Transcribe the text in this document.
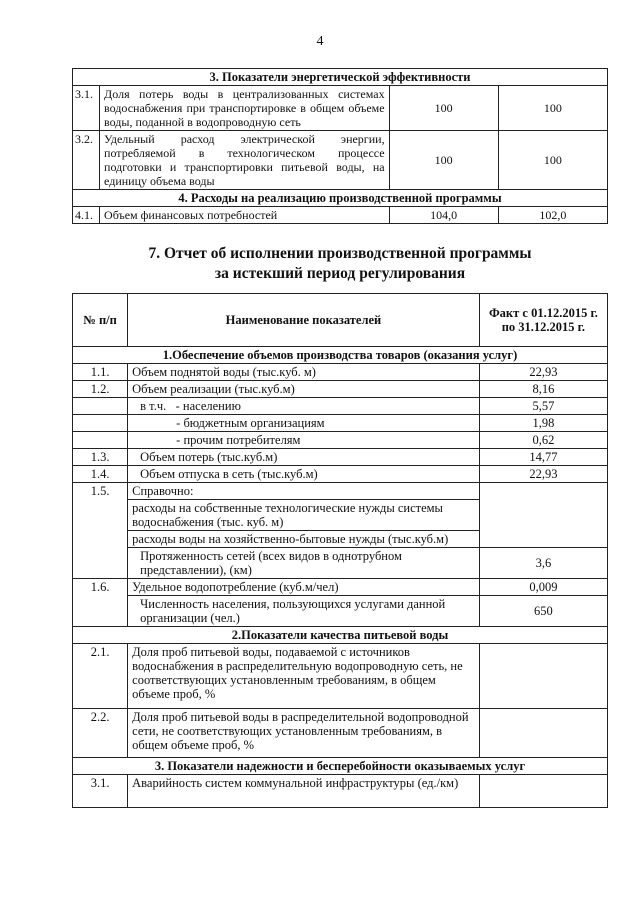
4
3. Показатели энергетической эффективности			
3.1.	Доля потерь воды в централизованных системах водоснабжения при транспортировке в общем объеме воды, поданной в водопроводную сеть	100	100
3.2.	Удельный расход электрической энергии, потребляемой в технологическом процессе подготовки и транспортировки питьевой воды, на единицу объема воды	100	100
4. Расходы на реализацию производственной программы			
4.1.	Объем финансовых потребностей	104,0	102,0
7. Отчет об исполнении производственной программы
за истекший период регулирования
№ п/п	Наименование показателей	Факт с 01.12.2015 г. по 31.12.2015 г.
1.Обеспечение объемов производства товаров (оказания услуг)		
1.1.	Объем поднятой воды (тыс.куб. м)	22,93
1.2.	Объем реализации (тыс.куб.м)	8,16
	в т.ч. - населению	5,57
	- бюджетным организациям	1,98
	- прочим потребителям	0,62
1.3.	Объем потерь (тыс.куб.м)	14,77
1.4.	Объем отпуска в сеть (тыс.куб.м)	22,93
1.5.	Справочно:	
	расходы на собственные технологические нужды системы водоснабжения (тыс. куб. м)	
	расходы воды на хозяйственно-бытовые нужды (тыс.куб.м)	
	Протяженность сетей (всех видов в однотрубном представлении), (км)	3,6
1.6.	Удельное водопотребление (куб.м/чел)	0,009
	Численность населения, пользующихся услугами данной организации (чел.)	650
2.Показатели качества питьевой воды		
2.1.	Доля проб питьевой воды, подаваемой с источников водоснабжения в распределительную водопроводную сеть, не соответствующих установленным требованиям, в общем объеме проб, %	
2.2.	Доля проб питьевой воды в распределительной водопроводной сети, не соответствующих установленным требованиям, в общем объеме проб, %	
3. Показатели надежности и бесперебойности оказываемых услуг		
3.1.	Аварийность систем коммунальной инфраструктуры (ед./км)	
